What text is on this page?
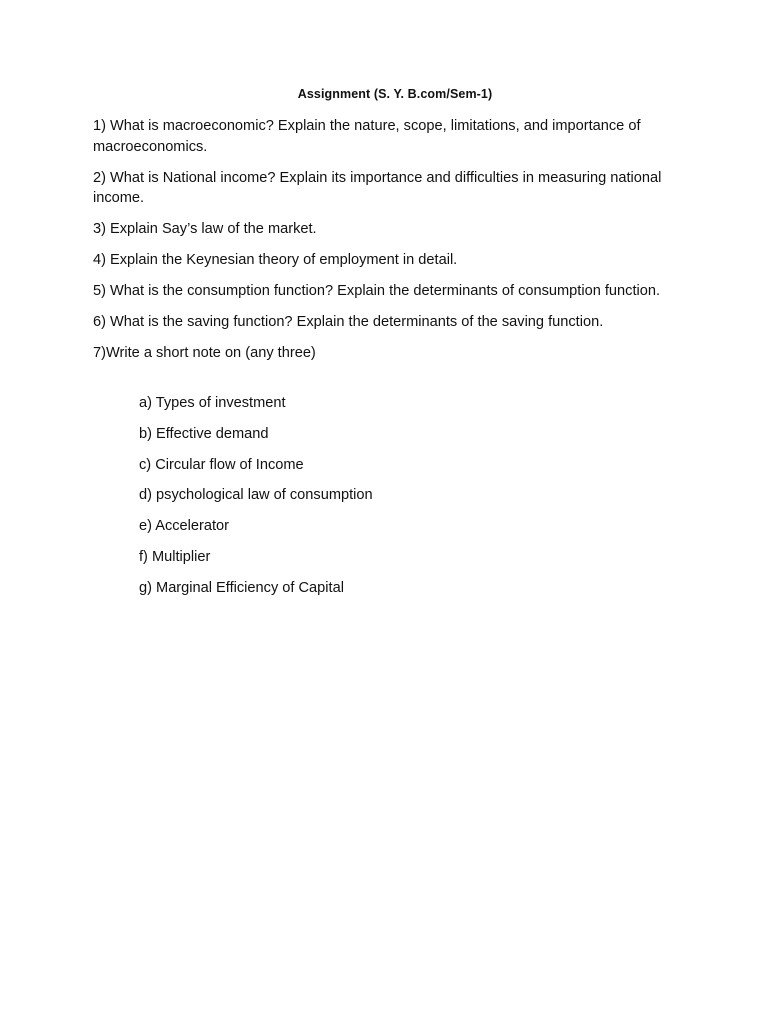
Assignment (S. Y. B.com/Sem-1)
1) What is macroeconomic? Explain the nature, scope, limitations, and importance of macroeconomics.
2) What is National income? Explain its importance and difficulties in measuring national income.
3) Explain Say’s law of the market.
4) Explain the Keynesian theory of employment in detail.
5) What is the consumption function? Explain the determinants of consumption function.
6) What is the saving function? Explain the determinants of the saving function.
7)Write a short note on (any three)
a) Types of investment
b) Effective demand
c) Circular flow of Income
d) psychological law of consumption
e) Accelerator
f) Multiplier
g) Marginal Efficiency of Capital
